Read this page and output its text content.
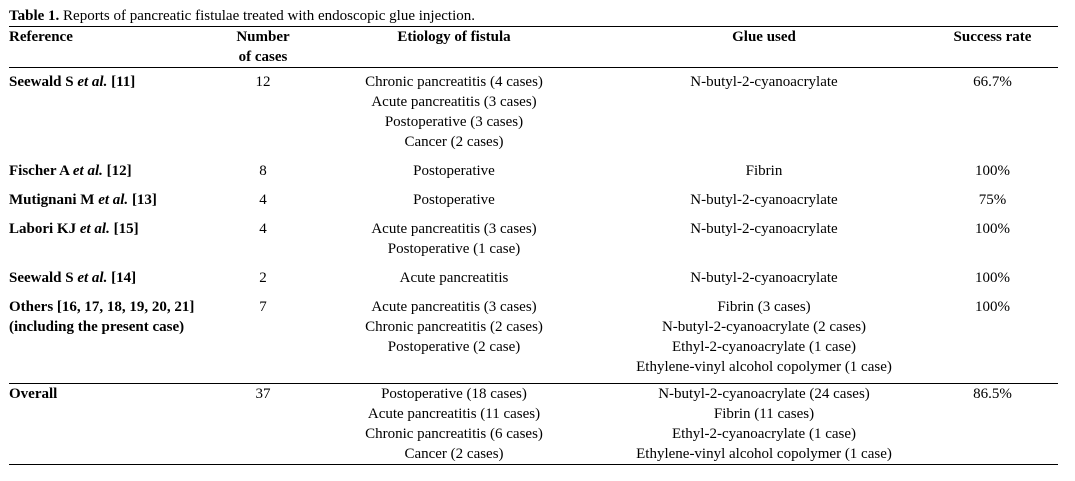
Table 1. Reports of pancreatic fistulae treated with endoscopic glue injection.
Reference	Number
of cases	Etiology of fistula	Glue used	Success rate
Seewald S et al. [11]	12	Chronic pancreatitis (4 cases)
Acute pancreatitis (3 cases)
Postoperative (3 cases)
Cancer (2 cases)	N-butyl-2-cyanoacrylate	66.7%
Fischer A et al. [12]	8	Postoperative	Fibrin	100%
Mutignani M et al. [13]	4	Postoperative	N-butyl-2-cyanoacrylate	75%
Labori KJ et al. [15]	4	Acute pancreatitis (3 cases)
Postoperative (1 case)	N-butyl-2-cyanoacrylate	100%
Seewald S et al. [14]	2	Acute pancreatitis	N-butyl-2-cyanoacrylate	100%
Others [16, 17, 18, 19, 20, 21]
(including the present case)	7	Acute pancreatitis (3 cases)
Chronic pancreatitis (2 cases)
Postoperative (2 case)	Fibrin (3 cases)
N-butyl-2-cyanoacrylate (2 cases)
Ethyl-2-cyanoacrylate (1 case)
Ethylene-vinyl alcohol copolymer (1 case)	100%
Overall	37	Postoperative (18 cases)
Acute pancreatitis (11 cases)
Chronic pancreatitis (6 cases)
Cancer (2 cases)	N-butyl-2-cyanoacrylate (24 cases)
Fibrin (11 cases)
Ethyl-2-cyanoacrylate (1 case)
Ethylene-vinyl alcohol copolymer (1 case)	86.5%
